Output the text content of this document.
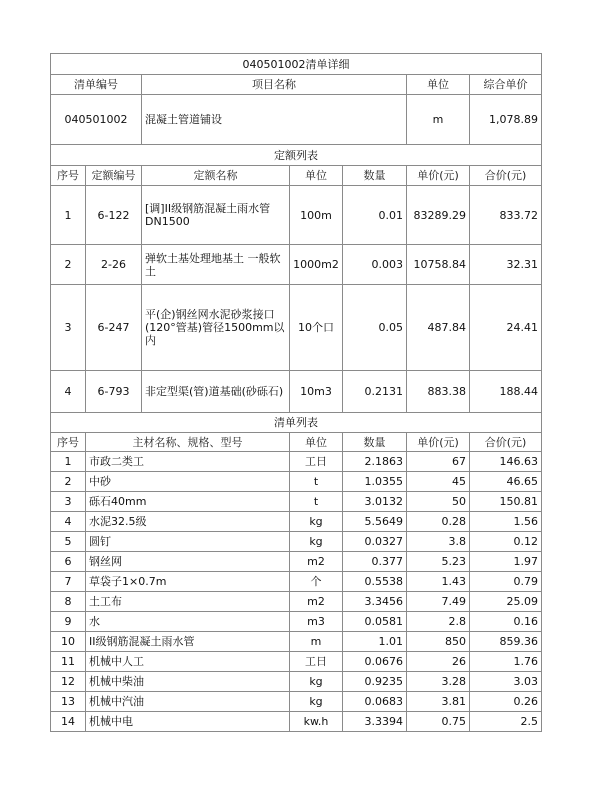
040501002清单详细						
清单编号		项目名称			单位	综合单价
040501002		混凝土管道铺设			m	1,078.89
定额列表						
序号	定额编号	定额名称	单位	数量	单价(元)	合价(元)
1	6-122	[调]II级钢筋混凝土雨水管DN1500	100m	0.01	83289.29	833.72
2	2-26	弹软土基处理地基土 一般软土	1000m2	0.003	10758.84	32.31
3	6-247	平(企)钢丝网水泥砂浆接口(120°管基)管径1500mm以内	10个口	0.05	487.84	24.41
4	6-793	非定型渠(管)道基础(砂砾石)	10m3	0.2131	883.38	188.44
清单列表						
序号	主材名称、规格、型号		单位	数量	单价(元)	合价(元)
1	市政二类工		工日	2.1863	67	146.63
2	中砂		t	1.0355	45	46.65
3	砾石40mm		t	3.0132	50	150.81
4	水泥32.5级		kg	5.5649	0.28	1.56
5	圆钉		kg	0.0327	3.8	0.12
6	钢丝网		m2	0.377	5.23	1.97
7	草袋子1×0.7m		个	0.5538	1.43	0.79
8	土工布		m2	3.3456	7.49	25.09
9	水		m3	0.0581	2.8	0.16
10	II级钢筋混凝土雨水管		m	1.01	850	859.36
11	机械中人工		工日	0.0676	26	1.76
12	机械中柴油		kg	0.9235	3.28	3.03
13	机械中汽油		kg	0.0683	3.81	0.26
14	机械中电		kw.h	3.3394	0.75	2.5
